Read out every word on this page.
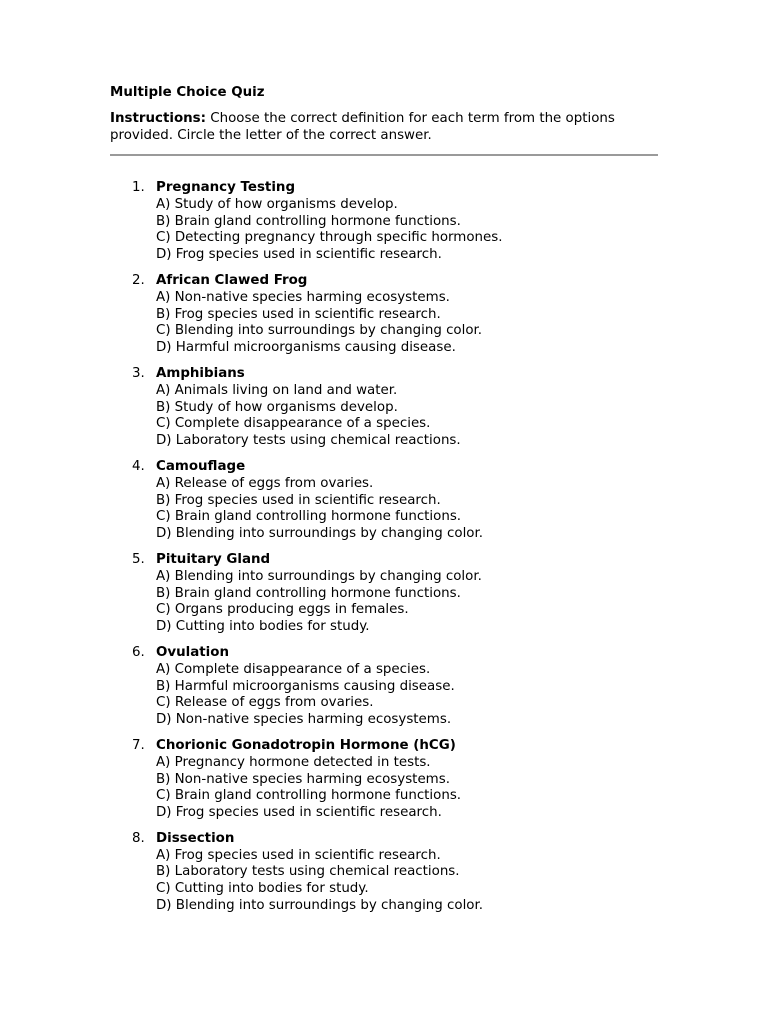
Multiple Choice Quiz

Instructions: Choose the correct definition for each term from the options provided. Circle the letter of the correct answer.

1. Pregnancy Testing
A) Study of how organisms develop.
B) Brain gland controlling hormone functions.
C) Detecting pregnancy through specific hormones.
D) Frog species used in scientific research.
2. African Clawed Frog
A) Non-native species harming ecosystems.
B) Frog species used in scientific research.
C) Blending into surroundings by changing color.
D) Harmful microorganisms causing disease.
3. Amphibians
A) Animals living on land and water.
B) Study of how organisms develop.
C) Complete disappearance of a species.
D) Laboratory tests using chemical reactions.
4. Camouflage
A) Release of eggs from ovaries.
B) Frog species used in scientific research.
C) Brain gland controlling hormone functions.
D) Blending into surroundings by changing color.
5. Pituitary Gland
A) Blending into surroundings by changing color.
B) Brain gland controlling hormone functions.
C) Organs producing eggs in females.
D) Cutting into bodies for study.
6. Ovulation
A) Complete disappearance of a species.
B) Harmful microorganisms causing disease.
C) Release of eggs from ovaries.
D) Non-native species harming ecosystems.
7. Chorionic Gonadotropin Hormone (hCG)
A) Pregnancy hormone detected in tests.
B) Non-native species harming ecosystems.
C) Brain gland controlling hormone functions.
D) Frog species used in scientific research.
8. Dissection
A) Frog species used in scientific research.
B) Laboratory tests using chemical reactions.
C) Cutting into bodies for study.
D) Blending into surroundings by changing color.
